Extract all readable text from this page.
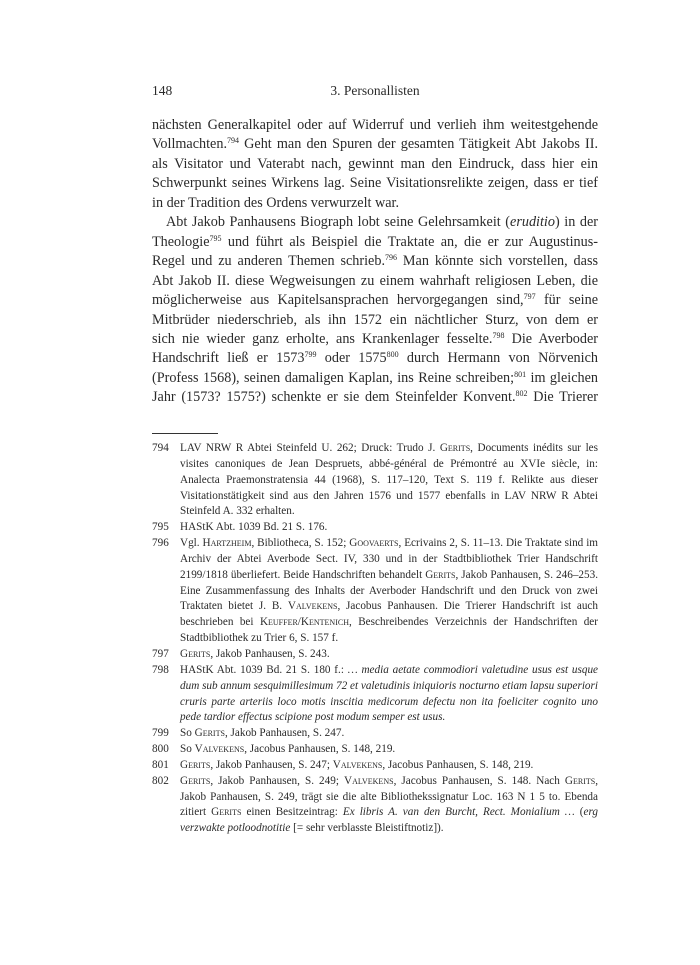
148	3. Personallisten

nächsten Generalkapitel oder auf Widerruf und verlieh ihm weitestgehende
Vollmachten.$^{794}$ Geht man den Spuren der gesamten Tätigkeit Abt Jakobs II.
als Visitator und Vaterabt nach, gewinnt man den Eindruck, dass hier ein
Schwerpunkt seines Wirkens lag. Seine Visitationsrelikte zeigen, dass er tief

in der Tradition des Ordens verwurzelt war.

Abt Jakob Panhausens Biograph lobt seine Gelehrsamkeit (eruditio) in der
Theologie$^{795}$ und führt als Beispiel die Traktate an, die er zur Augustinus-
Regel und zu anderen Themen schrieb.$^{796}$ Man könnte sich vorstellen, dass
Abt Jakob II. diese Wegweisungen zu einem wahrhaft religiosen Leben, die
möglicherweise aus Kapitelsansprachen hervorgegangen sind,$^{797}$ für seine
Mitbrüder niederschrieb, als ihn 1572 ein nächtlicher Sturz, von dem er
sich nie wieder ganz erholte, ans Krankenlager fesselte.$^{798}$ Die Averboder
Handschrift ließ er 1573$^{799}$ oder 1575$^{800}$ durch Hermann von Nörvenich
(Profess 1568), seinen damaligen Kaplan, ins Reine schreiben;$^{801}$ im gleichen
Jahr (1573? 1575?) schenkte er sie dem Steinfelder Konvent.$^{802}$ Die Trierer

794 LAV NRW R Abtei Steinfeld U. 262; Druck: Trudo J. Gerits, Documents inédits sur les visites canoniques de Jean Despruets, abbé-général de Prémontré au XVIe siècle, in: Analecta Praemonstratensia 44 (1968), S. 117–120, Text S. 119 f. Relikte aus dieser Visitationstätigkeit sind aus den Jahren 1576 und 1577 ebenfalls in LAV NRW R Abtei Steinfeld A. 332 erhalten.
795 HAStK Abt. 1039 Bd. 21 S. 176.
796 Vgl. Hartzheim, Bibliotheca, S. 152; Goovaerts, Ecrivains 2, S. 11–13. Die Traktate sind im Archiv der Abtei Averbode Sect. IV, 330 und in der Stadtbibliothek Trier Handschrift 2199/1818 überliefert. Beide Handschriften behandelt Gerits, Jakob Panhausen, S. 246–253. Eine Zusammenfassung des Inhalts der Averboder Handschrift und den Druck von zwei Traktaten bietet J. B. Valvekens, Jacobus Panhausen. Die Trierer Handschrift ist auch beschrieben bei Keuffer/Kentenich, Beschreibendes Verzeichnis der Handschriften der Stadtbibliothek zu Trier 6, S. 157 f.
797 Gerits, Jakob Panhausen, S. 243.
798 HAStK Abt. 1039 Bd. 21 S. 180 f.: … media aetate commodiori valetudine usus est usque dum sub annum sesquimillesimum 72 et valetudinis iniquioris nocturno etiam lapsu superiori cruris parte arteriis loco motis inscitia medicorum defectu non ita foeliciter cognito uno pede tardior effectus scipione post modum semper est usus.
799 So Gerits, Jakob Panhausen, S. 247.
800 So Valvekens, Jacobus Panhausen, S. 148, 219.
801 Gerits, Jakob Panhausen, S. 247; Valvekens, Jacobus Panhausen, S. 148, 219.
802 Gerits, Jakob Panhausen, S. 249; Valvekens, Jacobus Panhausen, S. 148. Nach Gerits, Jakob Panhausen, S. 249, trägt sie die alte Bibliothekssignatur Loc. 163 N 1 5 to. Ebenda zitiert Gerits einen Besitzeintrag: Ex libris A. van den Burcht, Rect. Monialium … (erg verzwakte potloodnotitie [= sehr verblasste Bleistiftnotiz]).
